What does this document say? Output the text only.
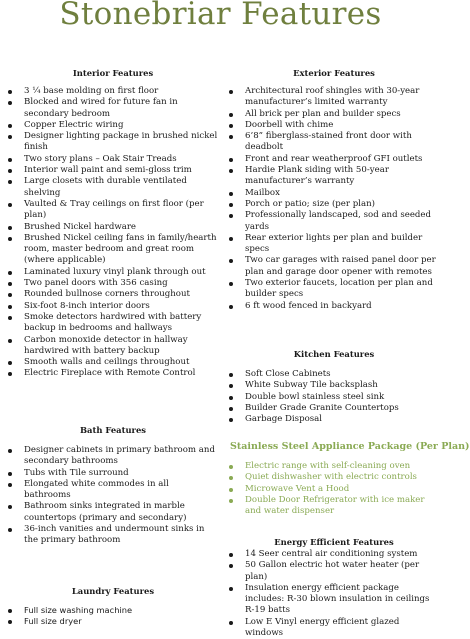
Stonebriar Features
Interior Features
3 ¼ base molding on first floor
Blocked and wired for future fan in secondary bedroom
Copper Electric wiring
Designer lighting package in brushed nickel finish
Two story plans – Oak Stair Treads
Interior wall paint and semi-gloss trim
Large closets with durable ventilated shelving
Vaulted & Tray ceilings on first floor (per plan)
Brushed Nickel hardware
Brushed Nickel ceiling fans in family/hearth room, master bedroom and great room (where applicable)
Laminated luxury vinyl plank through out
Two panel doors with 356 casing
Rounded bullnose corners throughout
Six-foot 8-inch interior doors
Smoke detectors hardwired with battery backup in bedrooms and hallways
Carbon monoxide detector in hallway hardwired with battery backup
Smooth walls and ceilings throughout
Electric Fireplace with Remote Control
Bath Features
Designer cabinets in primary bathroom and secondary bathrooms
Tubs with Tile surround
Elongated white commodes in all bathrooms
Bathroom sinks integrated in marble countertops (primary and secondary)
36-inch vanities and undermount sinks in the primary bathroom
Laundry Features
Full size washing machine
Full size dryer
Exterior Features
Architectural roof shingles with 30-year manufacturer’s limited warranty
All brick per plan and builder specs
Doorbell with chime
6’8” fiberglass-stained front door with deadbolt
Front and rear weatherproof GFI outlets
Hardie Plank siding with 50-year manufacturer’s warranty
Mailbox
Porch or patio; size (per plan)
Professionally landscaped, sod and seeded yards
Rear exterior lights per plan and builder specs
Two car garages with raised panel door per plan and garage door opener with remotes
Two exterior faucets, location per plan and builder specs
6 ft wood fenced in backyard
Kitchen Features
Soft Close Cabinets
White Subway Tile backsplash
Double bowl stainless steel sink
Builder Grade Granite Countertops
Garbage Disposal
Stainless Steel Appliance Package (Per Plan)
Electric range with self-cleaning oven
Quiet dishwasher with electric controls
Microwave Vent a Hood
Double Door Refrigerator with ice maker and water dispenser
Energy Efficient Features
14 Seer central air conditioning system
50 Gallon electric hot water heater (per plan)
Insulation energy efficient package includes: R-30 blown insulation in ceilings R-19 batts
Low E Vinyl energy efficient glazed windows
